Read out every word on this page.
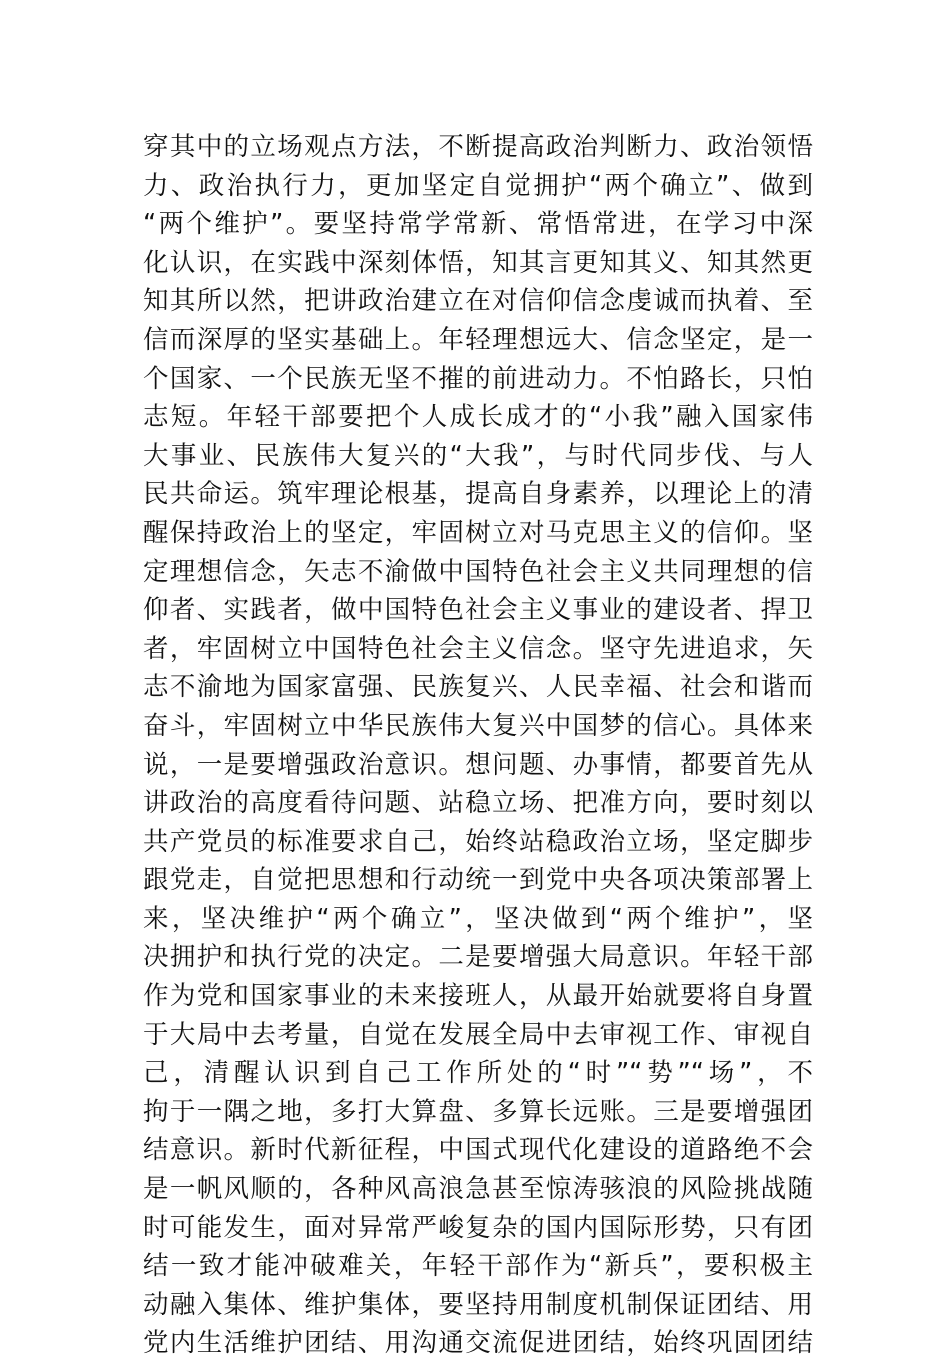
穿其中的立场观点方法，不断提高政治判断力、政治领悟
力、政治执行力，更加坚定自觉拥护“两个确立”、做到
“两个维护”。要坚持常学常新、常悟常进，在学习中深
化认识，在实践中深刻体悟，知其言更知其义、知其然更
知其所以然，把讲政治建立在对信仰信念虔诚而执着、至
信而深厚的坚实基础上。年轻理想远大、信念坚定，是一
个国家、一个民族无坚不摧的前进动力。不怕路长，只怕
志短。年轻干部要把个人成长成才的“小我”融入国家伟
大事业、民族伟大复兴的“大我”，与时代同步伐、与人
民共命运。筑牢理论根基，提高自身素养，以理论上的清
醒保持政治上的坚定，牢固树立对马克思主义的信仰。坚
定理想信念，矢志不渝做中国特色社会主义共同理想的信
仰者、实践者，做中国特色社会主义事业的建设者、捍卫
者，牢固树立中国特色社会主义信念。坚守先进追求，矢
志不渝地为国家富强、民族复兴、人民幸福、社会和谐而
奋斗，牢固树立中华民族伟大复兴中国梦的信心。具体来
说，一是要增强政治意识。想问题、办事情，都要首先从
讲政治的高度看待问题、站稳立场、把准方向，要时刻以
共产党员的标准要求自己，始终站稳政治立场，坚定脚步
跟党走，自觉把思想和行动统一到党中央各项决策部署上
来，坚决维护“两个确立”，坚决做到“两个维护”，坚
决拥护和执行党的决定。二是要增强大局意识。年轻干部
作为党和国家事业的未来接班人，从最开始就要将自身置
于大局中去考量，自觉在发展全局中去审视工作、审视自
己，清醒认识到自己工作所处的“时”“势”“场”，不
拘于一隅之地，多打大算盘、多算长远账。三是要增强团
结意识。新时代新征程，中国式现代化建设的道路绝不会
是一帆风顺的，各种风高浪急甚至惊涛骇浪的风险挑战随
时可能发生，面对异常严峻复杂的国内国际形势，只有团
结一致才能冲破难关，年轻干部作为“新兵”，要积极主
动融入集体、维护集体，要坚持用制度机制保证团结、用
党内生活维护团结、用沟通交流促进团结，始终巩固团结
